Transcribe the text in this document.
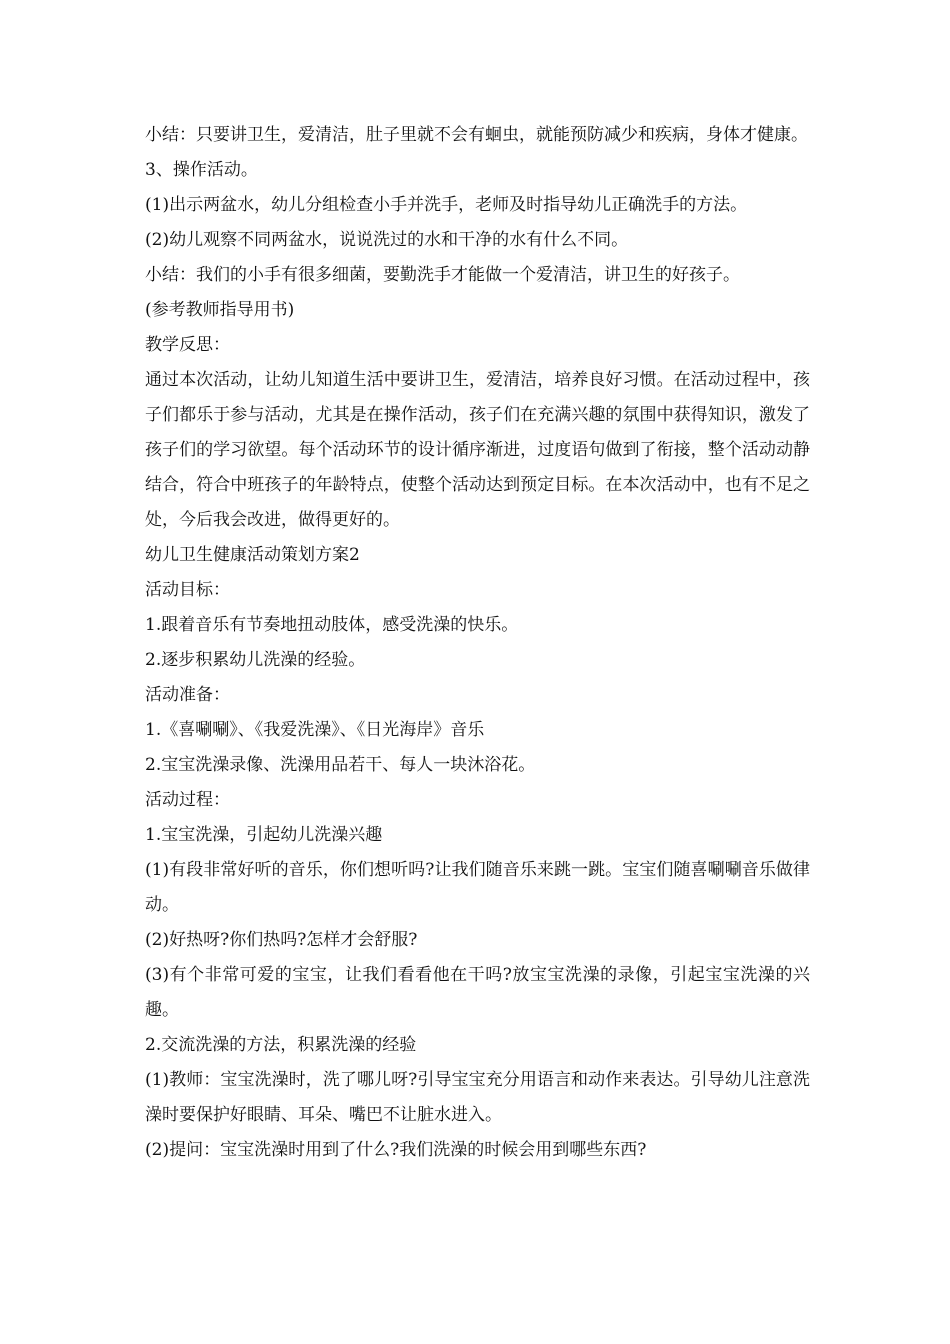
小结：只要讲卫生，爱清洁，肚子里就不会有蛔虫，就能预防减少和疾病，身体才健康。

3、操作活动。

(1)出示两盆水，幼儿分组检查小手并洗手，老师及时指导幼儿正确洗手的方法。

(2)幼儿观察不同两盆水，说说洗过的水和干净的水有什么不同。

小结：我们的小手有很多细菌，要勤洗手才能做一个爱清洁，讲卫生的好孩子。

(参考教师指导用书)

教学反思：

通过本次活动，让幼儿知道生活中要讲卫生，爱清洁，培养良好习惯。在活动过程中，孩子们都乐于参与活动，尤其是在操作活动，孩子们在充满兴趣的氛围中获得知识，激发了孩子们的学习欲望。每个活动环节的设计循序渐进，过度语句做到了衔接，整个活动动静结合，符合中班孩子的年龄特点，使整个活动达到预定目标。在本次活动中，也有不足之处，今后我会改进，做得更好的。

幼儿卫生健康活动策划方案2

活动目标：

1.跟着音乐有节奏地扭动肢体，感受洗澡的快乐。

2.逐步积累幼儿洗澡的经验。

活动准备：

1.《喜唰唰》、《我爱洗澡》、《日光海岸》音乐

2.宝宝洗澡录像、洗澡用品若干、每人一块沐浴花。

活动过程：

1.宝宝洗澡，引起幼儿洗澡兴趣

(1)有段非常好听的音乐，你们想听吗?让我们随音乐来跳一跳。宝宝们随喜唰唰音乐做律动。

(2)好热呀?你们热吗?怎样才会舒服?

(3)有个非常可爱的宝宝，让我们看看他在干吗?放宝宝洗澡的录像，引起宝宝洗澡的兴趣。

2.交流洗澡的方法，积累洗澡的经验

(1)教师：宝宝洗澡时，洗了哪儿呀?引导宝宝充分用语言和动作来表达。引导幼儿注意洗澡时要保护好眼睛、耳朵、嘴巴不让脏水进入。

(2)提问：宝宝洗澡时用到了什么?我们洗澡的时候会用到哪些东西?
